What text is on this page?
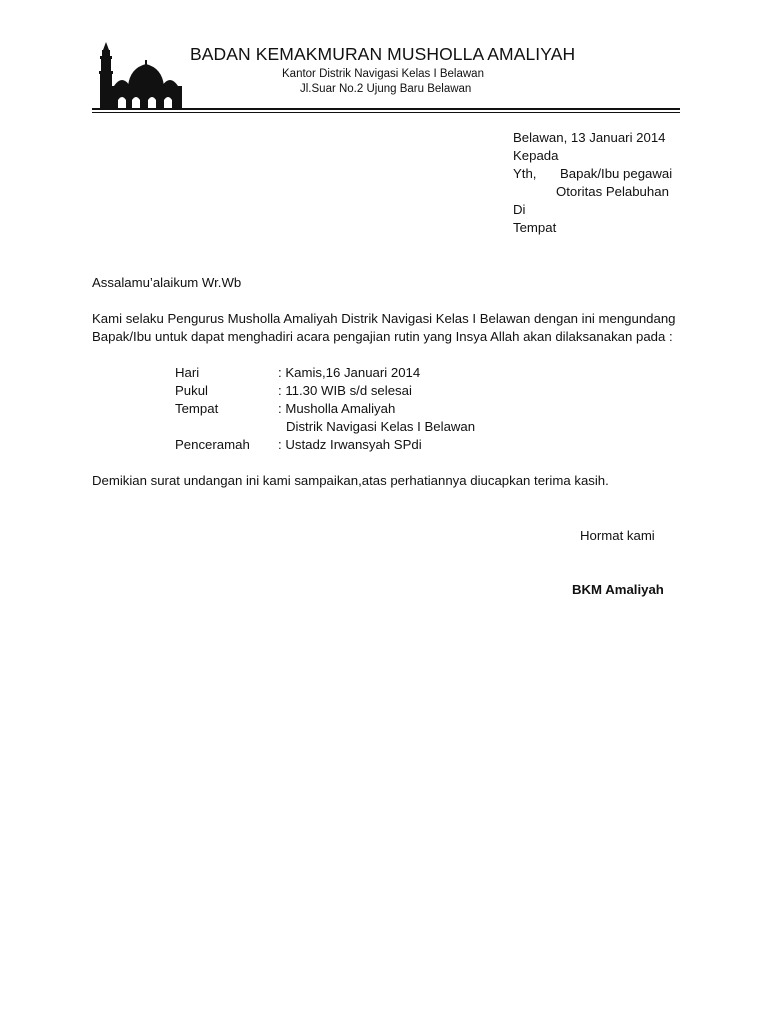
BADAN KEMAKMURAN MUSHOLLA AMALIYAH
Kantor Distrik Navigasi Kelas I Belawan
Jl.Suar No.2 Ujung Baru Belawan
Belawan, 13 Januari 2014
Kepada
Yth, Bapak/Ibu pegawai
Otoritas Pelabuhan
Di
Tempat
Assalamu’alaikum Wr.Wb
Kami selaku Pengurus Musholla Amaliyah Distrik Navigasi Kelas I Belawan dengan ini mengundang
Bapak/Ibu untuk dapat menghadiri acara pengajian rutin yang Insya Allah akan dilaksanakan pada :
Hari	: Kamis,16 Januari 2014
Pukul	: 11.30 WIB s/d selesai
Tempat	: Musholla Amaliyah
Distrik Navigasi Kelas I Belawan
Penceramah : Ustadz Irwansyah SPdi
Demikian surat undangan ini kami sampaikan,atas perhatiannya diucapkan terima kasih.
Hormat kami
BKM Amaliyah
